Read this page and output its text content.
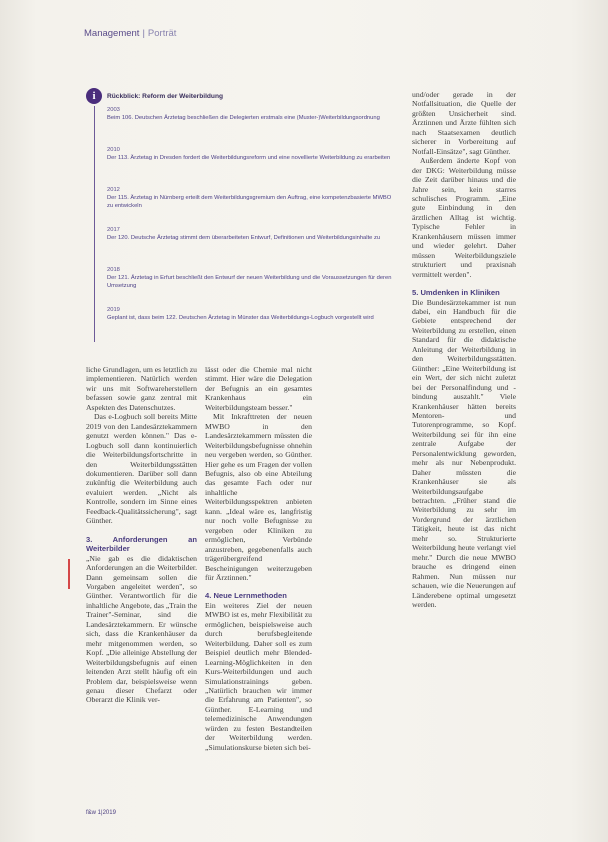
Management | Porträt
i	Rückblick: Reform der Weiterbildung
2003
Beim 106. Deutschen Ärztetag beschließen die Delegierten erstmals eine (Muster-)Weiterbildungsordnung
2010
Der 113. Ärztetag in Dresden fordert die Weiterbildungsreform und eine novellierte Weiterbildung zu erarbeiten
2012
Der 115. Ärztetag in Nürnberg erteilt dem Weiterbildungsgremium den Auftrag, eine kompetenzbasierte MWBO zu entwickeln
2017
Der 120. Deutsche Ärztetag stimmt dem überarbeiteten Entwurf, Definitionen und Weiterbildungsinhalte zu
2018
Der 121. Ärztetag in Erfurt beschließt den Entwurf der neuen Weiterbildung und die Voraussetzungen für deren Umsetzung
2019
Geplant ist, dass beim 122. Deutschen Ärztetag in Münster das Weiterbildungs-Logbuch vorgestellt wird

und/oder gerade in der Notfallsituation, die Quelle der größten Unsicherheit sind. Ärztinnen und Ärzte fühlten sich nach Staatsexamen deutlich sicherer in Vorbereitung auf Notfall-Einsätze", sagt Günther.

Außerdem änderte Kopf von der DKG: Weiterbildung müsse die Zeit darüber hinaus und die Jahre sein, kein starres schulisches Programm. „Eine gute Einbindung in den ärztlichen Alltag ist wichtig. Typische Fehler in Krankenhäusern müssen immer und wieder gelehrt. Daher müssen Weiterbildungsziele strukturiert und praxisnah vermittelt werden".

5. Umdenken in Kliniken

Die Bundesärztekammer ist nun dabei, ein Handbuch für die Gebiete entsprechend der Weiterbildung zu erstellen, einen Standard für die didaktische Anleitung der Weiterbildung in den Weiterbildungsstätten. Günther: „Eine Weiterbildung ist ein Wert, der sich nicht zuletzt bei der Personalfindung und -bindung auszahlt." Viele Krankenhäuser hätten bereits Mentoren- und Tutorenprogramme, so Kopf. Weiterbildung sei für ihn eine zentrale Aufgabe der Personalentwicklung geworden, mehr als nur Nebenprodukt. Daher müssten die Krankenhäuser sie als Weiterbildungsaufgabe betrachten. „Früher stand die Weiterbildung zu sehr im Vordergrund der ärztlichen Tätigkeit, heute ist das nicht mehr so. Strukturierte Weiterbildung heute verlangt viel mehr." Durch die neue MWBO brauche es dringend einen Rahmen. Nun müssen nur schauen, wie die Neuerungen auf Länderebene optimal umgesetzt werden.

liche Grundlagen, um es letztlich zu implementieren. Natürlich werden wir uns mit Softwareherstellern befassen sowie ganz zentral mit Aspekten des Datenschutzes.

Das e-Logbuch soll bereits Mitte 2019 von den Landesärztekammern genutzt werden können." Das e-Logbuch soll dann kontinuierlich die Weiterbildungsfortschritte in den Weiterbildungsstätten dokumentieren. Darüber soll dann zukünftig die Weiterbildung auch evaluiert werden. „Nicht als Kontrolle, sondern im Sinne eines Feedback-Qualitätssicherung", sagt Günther.

3. Anforderungen an Weiterbilder

„Nie gab es die didaktischen Anforderungen an die Weiterbilder. Dann gemeinsam sollen die Vorgaben angeleitet werden", so Günther. Verantwortlich für die inhaltliche Angebote, das „Train the Trainer"-Seminar, sind die Landesärztekammern. Er wünsche sich, dass die Krankenhäuser da mehr mitgenommen werden, so Kopf. „Die alleinige Abstellung der Weiterbildungsbefugnis auf einen leitenden Arzt stellt häufig oft ein Problem dar, beispielsweise wenn genau dieser Chefarzt oder Oberarzt die Klinik ver-

lässt oder die Chemie mal nicht stimmt. Hier wäre die Delegation der Befugnis an ein gesamtes Krankenhaus ein Weiterbildungsteam besser."

Mit Inkrafttreten der neuen MWBO in den Landesärztekammern müssten die Weiterbildungsbefugnisse ohnehin neu vergeben werden, so Günther. Hier gehe es um Fragen der vollen Befugnis, also ob eine Abteilung das gesamte Fach oder nur inhaltliche Weiterbildungsspektren anbieten kann. „Ideal wäre es, langfristig nur noch volle Befugnisse zu vergeben oder Kliniken zu ermöglichen, Verbünde anzustreben, gegebenenfalls auch trägerübergreifend Bescheinigungen weiterzugeben für Ärztinnen."

4. Neue Lernmethoden

Ein weiteres Ziel der neuen MWBO ist es, mehr Flexibilität zu ermöglichen, beispielsweise auch durch berufsbegleitende Weiterbildung. Daher soll es zum Beispiel deutlich mehr Blended-Learning-Möglichkeiten in den Kurs-Weiterbildungen und auch Simulationstrainings geben. „Natürlich brauchen wir immer die Erfahrung am Patienten", so Günther. E-Learning und telemedizinische Anwendungen würden zu festen Bestandteilen der Weiterbildung werden. „Simulationskurse bieten sich bei-

f&w 1|2019
